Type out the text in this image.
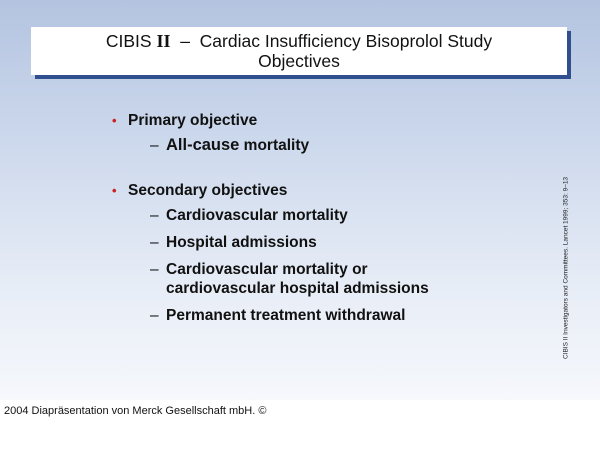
CIBIS II – Cardiac Insufficiency Bisoprolol Study
Objectives
• Primary objective
– All-cause mortality
• Secondary objectives
– Cardiovascular mortality
– Hospital admissions
– Cardiovascular mortality or cardiovascular hospital admissions
– Permanent treatment withdrawal	CIBIS II Investigators and Committees. Lancet 1999; 353: 9–13
2004 Diapräsentation von Merck Gesellschaft mbH. ©
